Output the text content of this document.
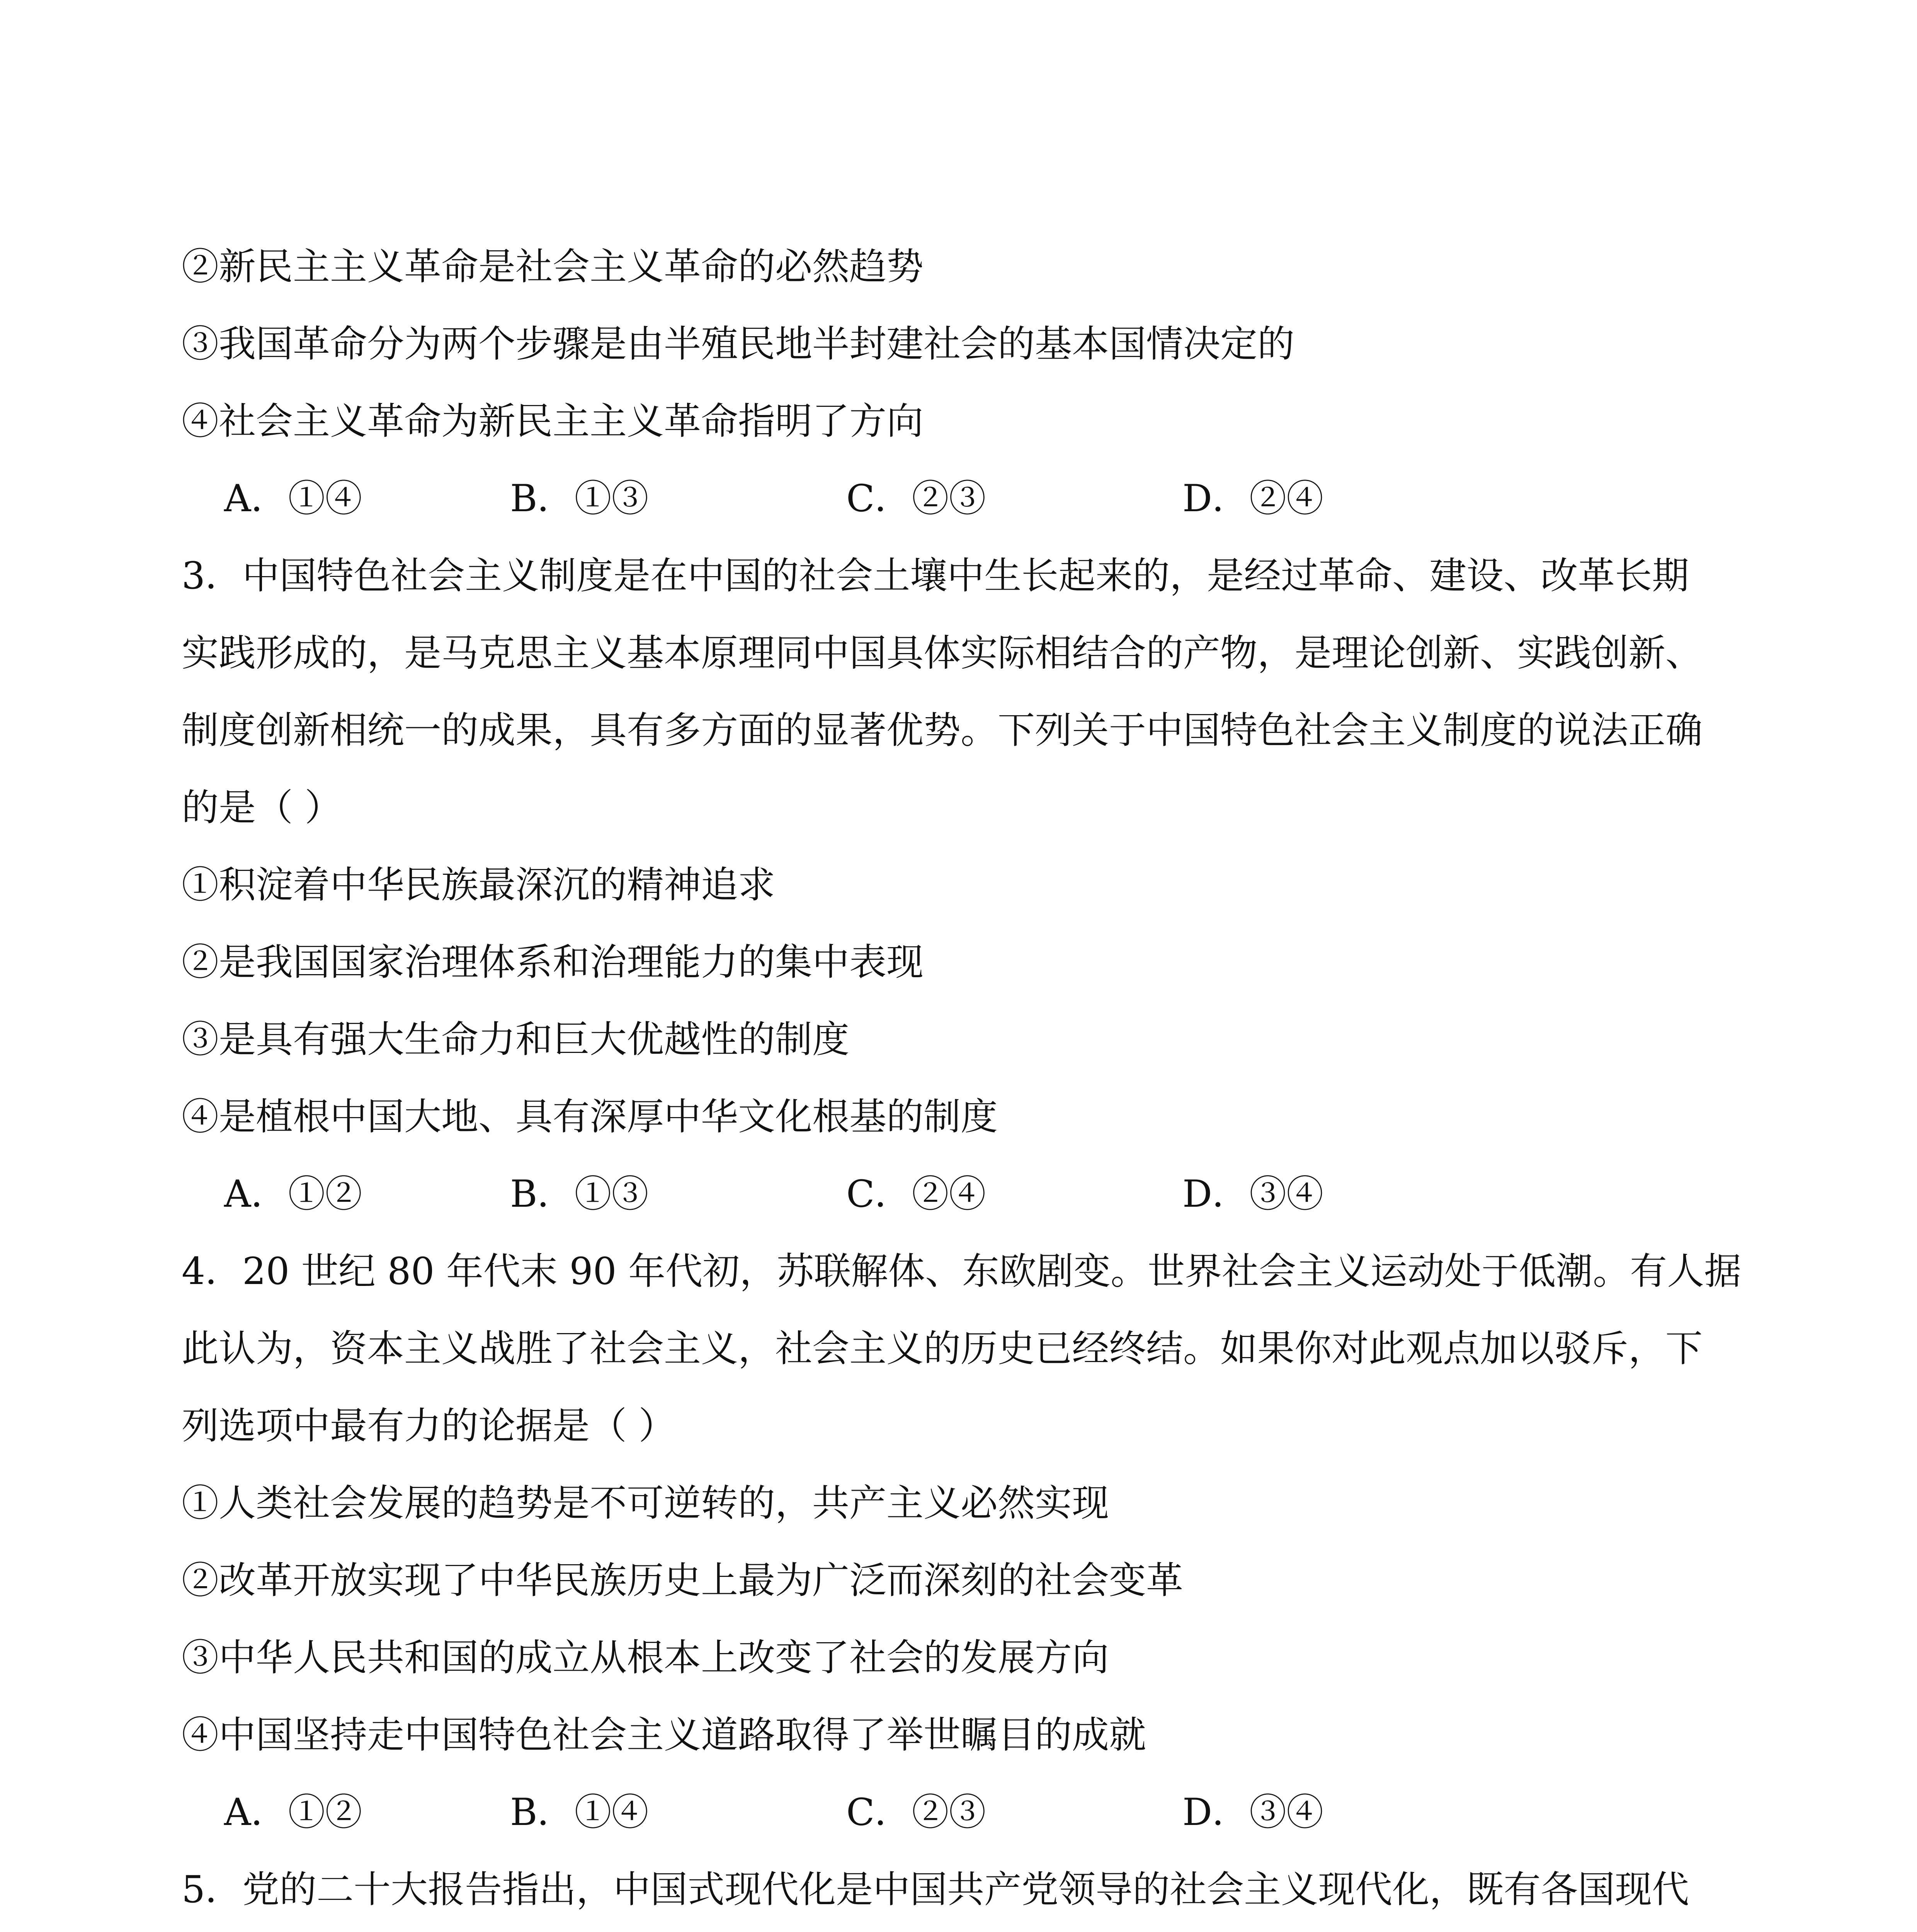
②新民主主义革命是社会主义革命的必然趋势

③我国革命分为两个步骤是由半殖民地半封建社会的基本国情决定的

④社会主义革命为新民主主义革命指明了方向

A．①④	B．①③	C．②③	D．②④

3．中国特色社会主义制度是在中国的社会土壤中生长起来的，是经过革命、建设、改革长期

实践形成的，是马克思主义基本原理同中国具体实际相结合的产物，是理论创新、实践创新、

制度创新相统一的成果，具有多方面的显著优势。下列关于中国特色社会主义制度的说法正确

的是（ ）

①积淀着中华民族最深沉的精神追求

②是我国国家治理体系和治理能力的集中表现

③是具有强大生命力和巨大优越性的制度

④是植根中国大地、具有深厚中华文化根基的制度

A．①②	B．①③	C．②④	D．③④

4．20 世纪 80 年代末 90 年代初，苏联解体、东欧剧变。世界社会主义运动处于低潮。有人据

此认为，资本主义战胜了社会主义，社会主义的历史已经终结。如果你对此观点加以驳斥，下

列选项中最有力的论据是（ ）

①人类社会发展的趋势是不可逆转的，共产主义必然实现

②改革开放实现了中华民族历史上最为广泛而深刻的社会变革

③中华人民共和国的成立从根本上改变了社会的发展方向

④中国坚持走中国特色社会主义道路取得了举世瞩目的成就

A．①②	B．①④	C．②③	D．③④

5．党的二十大报告指出，中国式现代化是中国共产党领导的社会主义现代化，既有各国现代
